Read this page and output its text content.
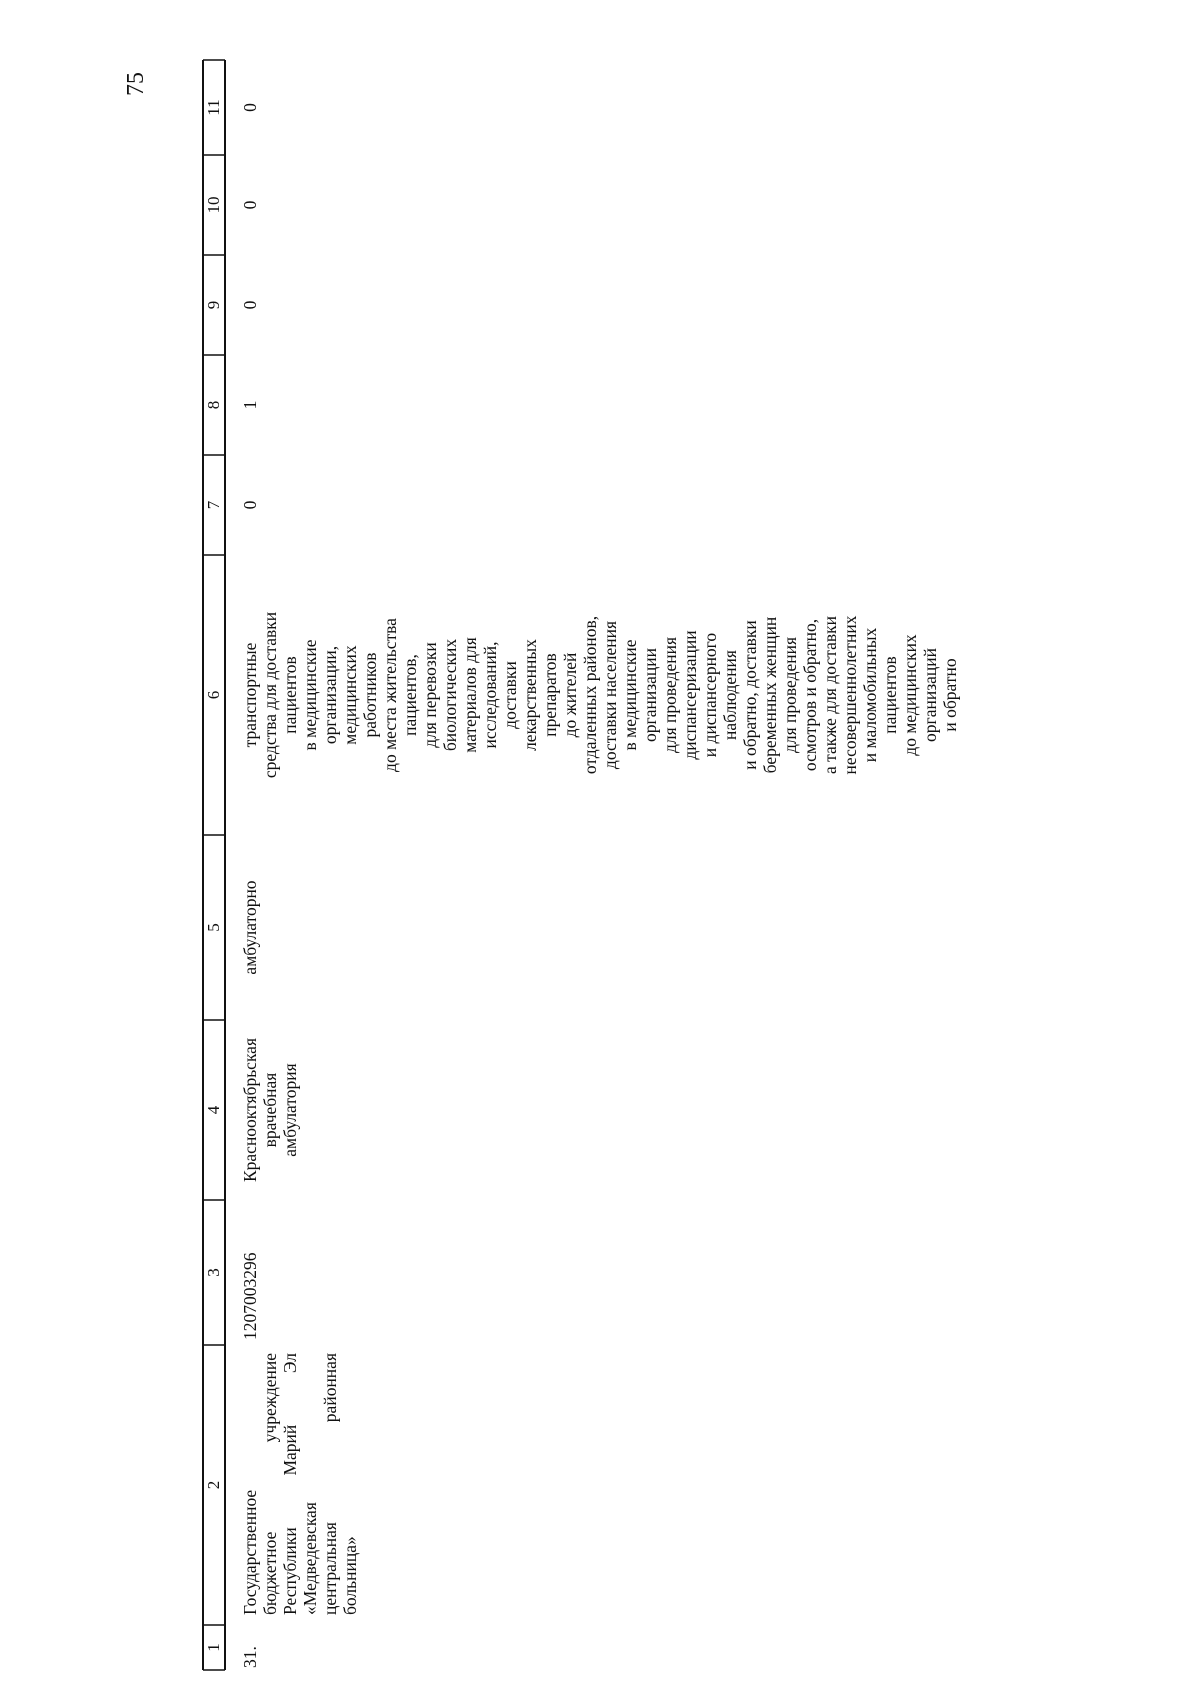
75
1
2
3
4
5
6
7
8
9
10
11
31.
Государственное бюджетное
учреждение
Республики
Марий
Эл
«Медведевская центральная
районная
больница»
1207003296
Краснооктябрьская врачебная амбулатория
амбулаторно
транспортные средства для доставки пациентов в медицинские организации, медицинских работников до места жительства пациентов, для перевозки биологических материалов для исследований, доставки лекарственных препаратов до жителей отдаленных районов, доставки населения в медицинские организации для проведения диспансеризации и диспансерного наблюдения и обратно, доставки беременных женщин для проведения осмотров и обратно, а также для доставки несовершеннолетних и маломобильных пациентов до медицинских организаций и обратно
0
1
0
0
0
